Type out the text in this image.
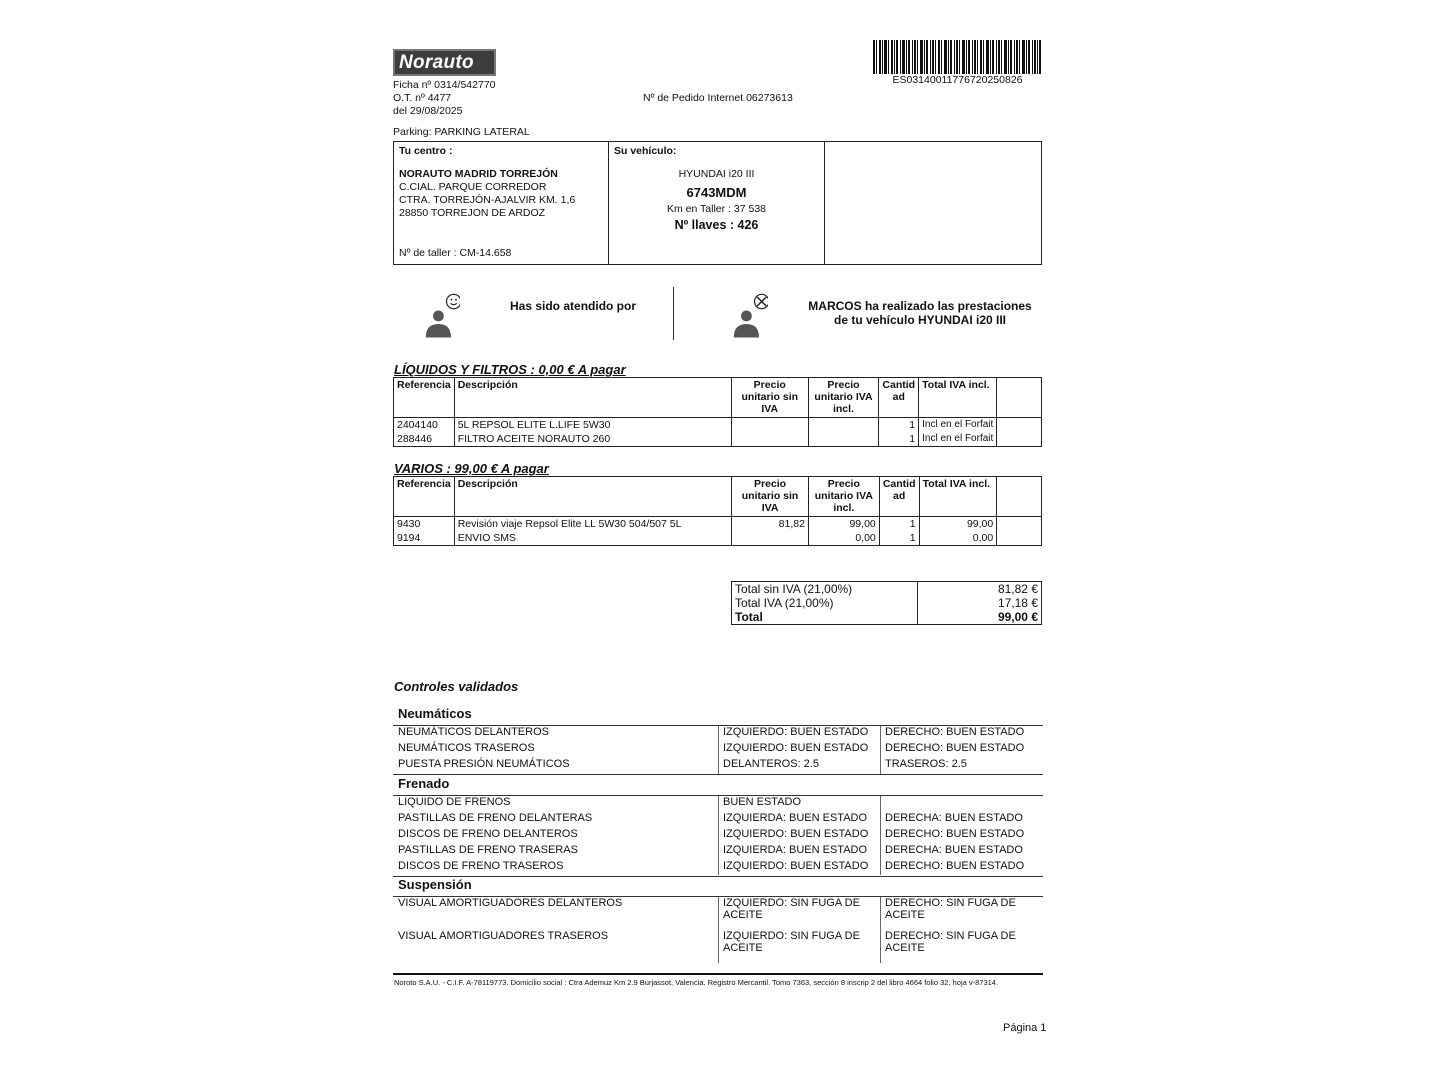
Norauto
ES03140011776720250826
Ficha nº 0314/542770
O.T. nº 4477
del 29/08/2025
Nº de Pedido Internet 06273613
Parking: PARKING LATERAL
Tu centro :
NORAUTO MADRID TORREJÓN
C.CIAL. PARQUE CORREDOR
CTRA. TORREJÓN-AJALVIR KM. 1,6
28850 TORREJON DE ARDOZ
Nº de taller : CM-14.658
Su vehículo:
HYUNDAI i20 III
6743MDM
Km en Taller : 37 538
Nº llaves : 426
Has sido atendido por	MARCOS ha realizado las prestaciones
de tu vehículo HYUNDAI i20 III
LÍQUIDOS Y FILTROS : 0,00 € A pagar
Referencia	Descripción	Precio unitario sin IVA	Precio unitario IVA incl.	Cantidad	Total IVA incl.	
2404140	5L REPSOL ELITE L.LIFE 5W30			1	Incl en el Forfait	
288446	FILTRO ACEITE NORAUTO 260			1	Incl en el Forfait	
VARIOS : 99,00 € A pagar
Referencia	Descripción	Precio unitario sin IVA	Precio unitario IVA incl.	Cantidad	Total IVA incl.	
9430	Revisión viaje Repsol Elite LL 5W30 504/507 5L	81,82	99,00	1	99,00	
9194	ENVIO SMS		0,00	1	0,00	
Total sin IVA (21,00%)	81,82 €
Total IVA (21,00%)	17,18 €
Total	99,00 €
Controles validados
Neumáticos
NEUMÁTICOS DELANTEROS	IZQUIERDO: BUEN ESTADO DERECHO: BUEN ESTADO
NEUMÁTICOS TRASEROS	IZQUIERDO: BUEN ESTADO DERECHO: BUEN ESTADO
PUESTA PRESIÓN NEUMÁTICOS	DELANTEROS: 2.5	TRASEROS: 2.5
Frenado
LIQUIDO DE FRENOS	BUEN ESTADO
PASTILLAS DE FRENO DELANTERAS	IZQUIERDA: BUEN ESTADO DERECHA: BUEN ESTADO
DISCOS DE FRENO DELANTEROS	IZQUIERDO: BUEN ESTADO DERECHO: BUEN ESTADO
PASTILLAS DE FRENO TRASERAS	IZQUIERDA: BUEN ESTADO DERECHA: BUEN ESTADO
DISCOS DE FRENO TRASEROS	IZQUIERDO: BUEN ESTADO DERECHO: BUEN ESTADO
Suspensión
VISUAL AMORTIGUADORES DELANTEROS	IZQUIERDO: SIN FUGA DE
ACEITE
DERECHO: SIN FUGA DE
ACEITE
VISUAL AMORTIGUADORES TRASEROS	IZQUIERDO: SIN FUGA DE
ACEITE
DERECHO: SIN FUGA DE
ACEITE
Noroto S.A.U. - C.I.F. A-78119773. Domicilio social : Ctra Ademuz Km 2.9 Burjassot, Valencia. Registro Mercantil. Tomo 7363, sección 8 inscrip 2 del libro 4664 folio 32, hoja v-87314.
Página 1
